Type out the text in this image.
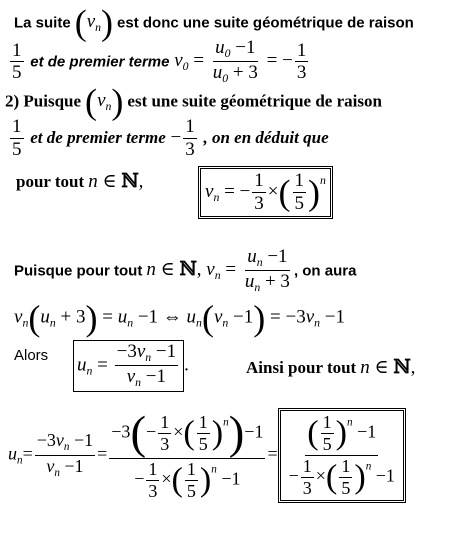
La suite $(v_n)$ est donc une suite géométrique de raison
$\frac{1}{5}$ et de premier terme $v_0 = \frac{u_0 -1}{u_0 + 3}$ = − $\frac{1}{3}$
2) Puisque $(v_n)$ est une suite géométrique de raison
$\frac{1}{5}$ et de premier terme − $\frac{1}{3}$ , on en déduit que
pour tout n ∈ ℕ,	$v_n$ = − $\frac{1}{3}$ ×( $\frac{1}{5} )^n$
Puisque pour tout n ∈ ℕ, $v_n = \frac{u_n -1}{u_n + 3}$ , on aura
$v_n(u_n + 3) = u_n -1$ ⇔ $u_n(v_n -1) = -3v_n -1$
Alors $u_n = \frac{-3v_n -1}{v_n -1}$ .	Ainsi pour tout n ∈ ℕ,
$u_n= \frac{-3v_n -1}{v_n -1} = \frac{-3(- \frac{1}{3} \times( \frac{1}{5} )^n)-1}{- \frac{1}{3} \times( \frac{1}{5} )^n -1} = \frac{( \frac{1}{5} )^n -1}{- \frac{1}{3} \times( \frac{1}{5} )^n -1}$
